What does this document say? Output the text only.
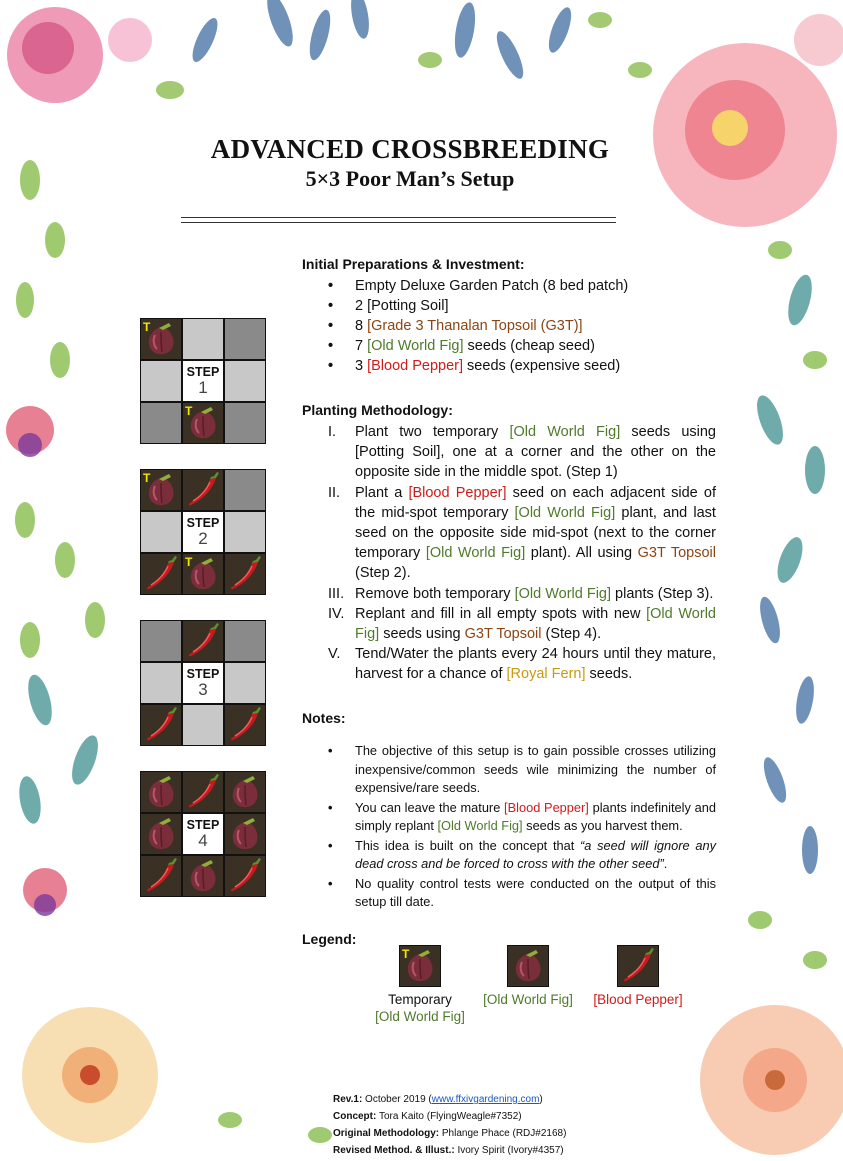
ADVANCED CROSSBREEDING
5×3 Poor Man’s Setup
Initial Preparations & Investment:
• Empty Deluxe Garden Patch (8 bed patch)
• 2 [Potting Soil]
• 8 [Grade 3 Thanalan Topsoil (G3T)]
• 7 [Old World Fig] seeds (cheap seed)
• 3 [Blood Pepper] seeds (expensive seed)
Planting Methodology:
I. Plant two temporary [Old World Fig] seeds using [Potting Soil], one at a corner and the other on the opposite side in the middle spot. (Step 1)
II. Plant a [Blood Pepper] seed on each adjacent side of the mid-spot temporary [Old World Fig] plant, and last seed on the opposite side mid-spot (next to the corner temporary [Old World Fig] plant). All using G3T Topsoil (Step 2).
III. Remove both temporary [Old World Fig] plants (Step 3).
IV. Replant and fill in all empty spots with new [Old World Fig] seeds using G3T Topsoil (Step 4).
V. Tend/Water the plants every 24 hours until they mature, harvest for a chance of [Royal Fern] seeds.
Notes:
• The objective of this setup is to gain possible crosses utilizing inexpensive/common seeds wile minimizing the number of expensive/rare seeds.
• You can leave the mature [Blood Pepper] plants indefinitely and simply replant [Old World Fig] seeds as you harvest them.
• This idea is built on the concept that “a seed will ignore any dead cross and be forced to cross with the other seed”.
• No quality control tests were conducted on the output of this setup till date.
T
STEP
1
T
T
STEP
2
T
STEP
3
STEP
4
Legend:
T
Temporary
[Old World Fig]
[Old World Fig]	[Blood Pepper]
Rev.1: October 2019 (www.ffxivgardening.com)
Concept: Tora Kaito (FlyingWeagle#7352)
Original Methodology: Phlange Phace (RDJ#2168)
Revised Method. & Illust.: Ivory Spirit (Ivory#4357)
